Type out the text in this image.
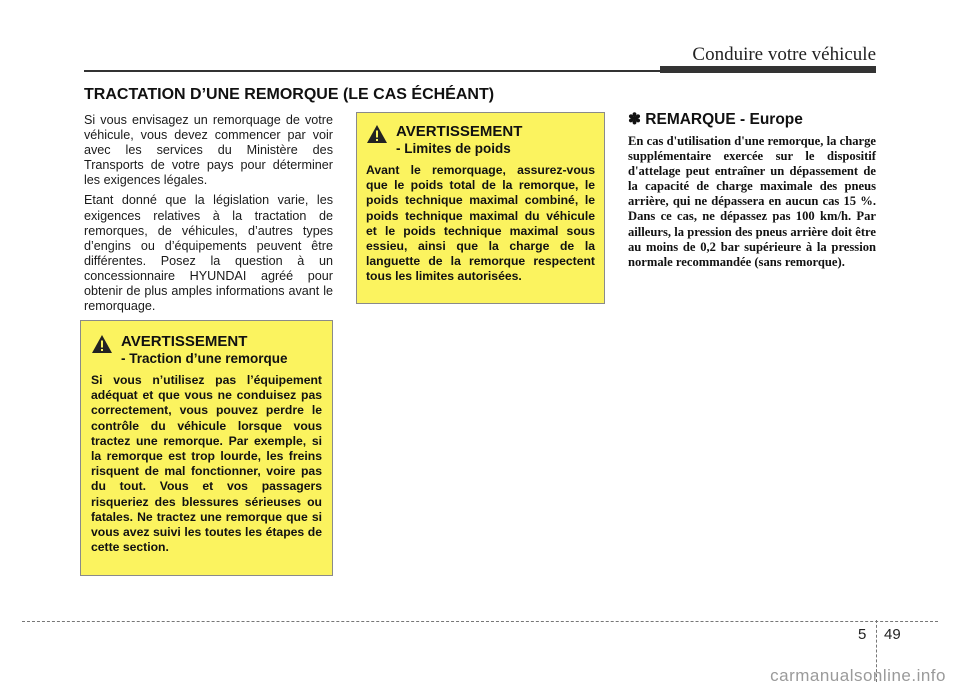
Conduire votre véhicule
TRACTATION D’UNE REMORQUE (LE CAS ÉCHÉANT)

Si vous envisagez un remorquage de votre véhicule, vous devez commencer par voir avec les services du Ministère des Transports de votre pays pour déterminer les exigences légales.

Etant donné que la législation varie, les exigences relatives à la tractation de remorques, de véhicules, d’autres types d’engins ou d’équipements peuvent être différentes. Posez la question à un concessionnaire HYUNDAI agréé pour obtenir de plus amples informations avant le remorquage.

AVERTISSEMENT
- Traction d’une remorque
Si vous n’utilisez pas l’équipement adéquat et que vous ne conduisez pas correctement, vous pouvez perdre le contrôle du véhicule lorsque vous tractez une remorque. Par exemple, si la remorque est trop lourde, les freins risquent de mal fonctionner, voire pas du tout. Vous et vos passagers risqueriez des blessures sérieuses ou fatales. Ne tractez une remorque que si vous avez suivi les toutes les étapes de cette section.
AVERTISSEMENT
- Limites de poids
Avant le remorquage, assurez-vous que le poids total de la remorque, le poids technique maximal combiné, le poids technique maximal du véhicule et le poids technique maximal sous essieu, ainsi que la charge de la languette de la remorque respectent tous les limites autorisées.
✽ REMARQUE - Europe
En cas d'utilisation d'une remorque, la charge supplémentaire exercée sur le dispositif d'attelage peut entraîner un dépassement de la capacité de charge maximale des pneus arrière, qui ne dépassera en aucun cas 15 %. Dans ce cas, ne dépassez pas 100 km/h. Par ailleurs, la pression des pneus arrière doit être au moins de 0,2 bar supérieure à la pression normale recommandée (sans remorque).
5 49
carmanualsonline.info
